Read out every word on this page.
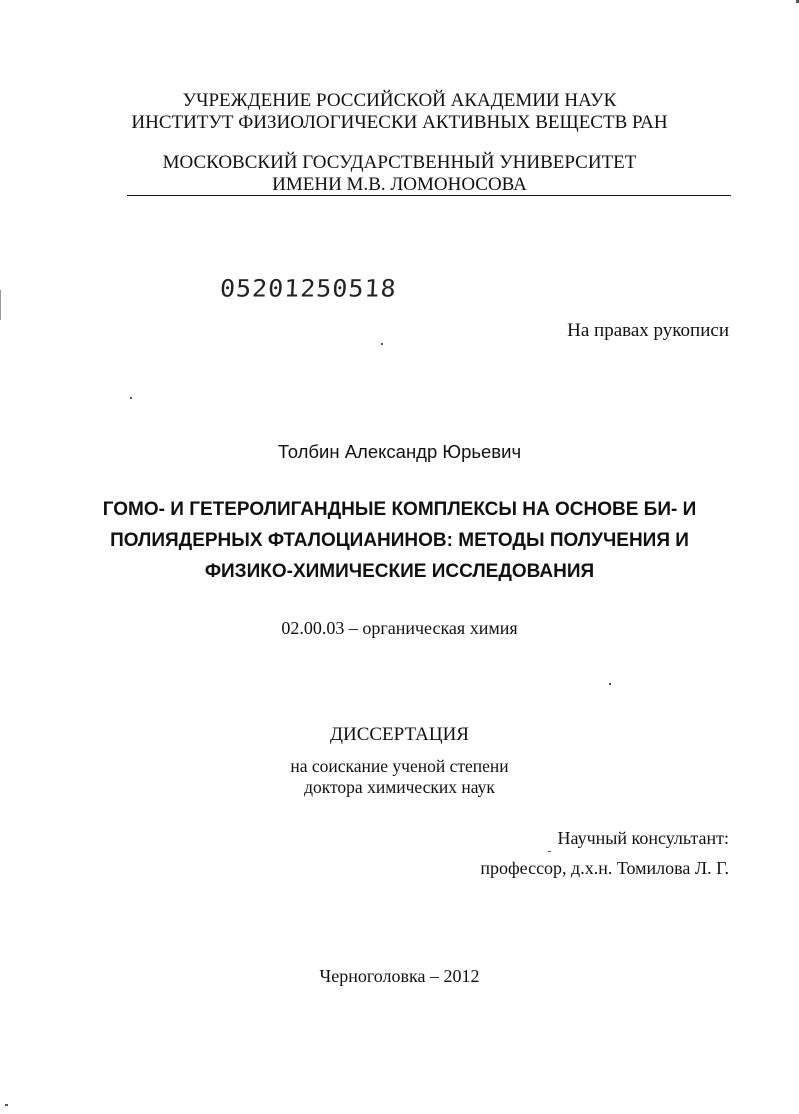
УЧРЕЖДЕНИЕ РОССИЙСКОЙ АКАДЕМИИ НАУК
ИНСТИТУТ ФИЗИОЛОГИЧЕСКИ АКТИВНЫХ ВЕЩЕСТВ РАН
МОСКОВСКИЙ ГОСУДАРСТВЕННЫЙ УНИВЕРСИТЕТ
ИМЕНИ М.В. ЛОМОНОСОВА
05201250518
На правах рукописи
Толбин Александр Юрьевич
ГОМО- И ГЕТЕРОЛИГАНДНЫЕ КОМПЛЕКСЫ НА ОСНОВЕ БИ- И
ПОЛИЯДЕРНЫХ ФТАЛОЦИАНИНОВ: МЕТОДЫ ПОЛУЧЕНИЯ И
ФИЗИКО-ХИМИЧЕСКИЕ ИССЛЕДОВАНИЯ
02.00.03 – органическая химия
ДИССЕРТАЦИЯ
на соискание ученой степени
доктора химических наук
Научный консультант:
профессор, д.х.н. Томилова Л. Г.
Черноголовка – 2012
